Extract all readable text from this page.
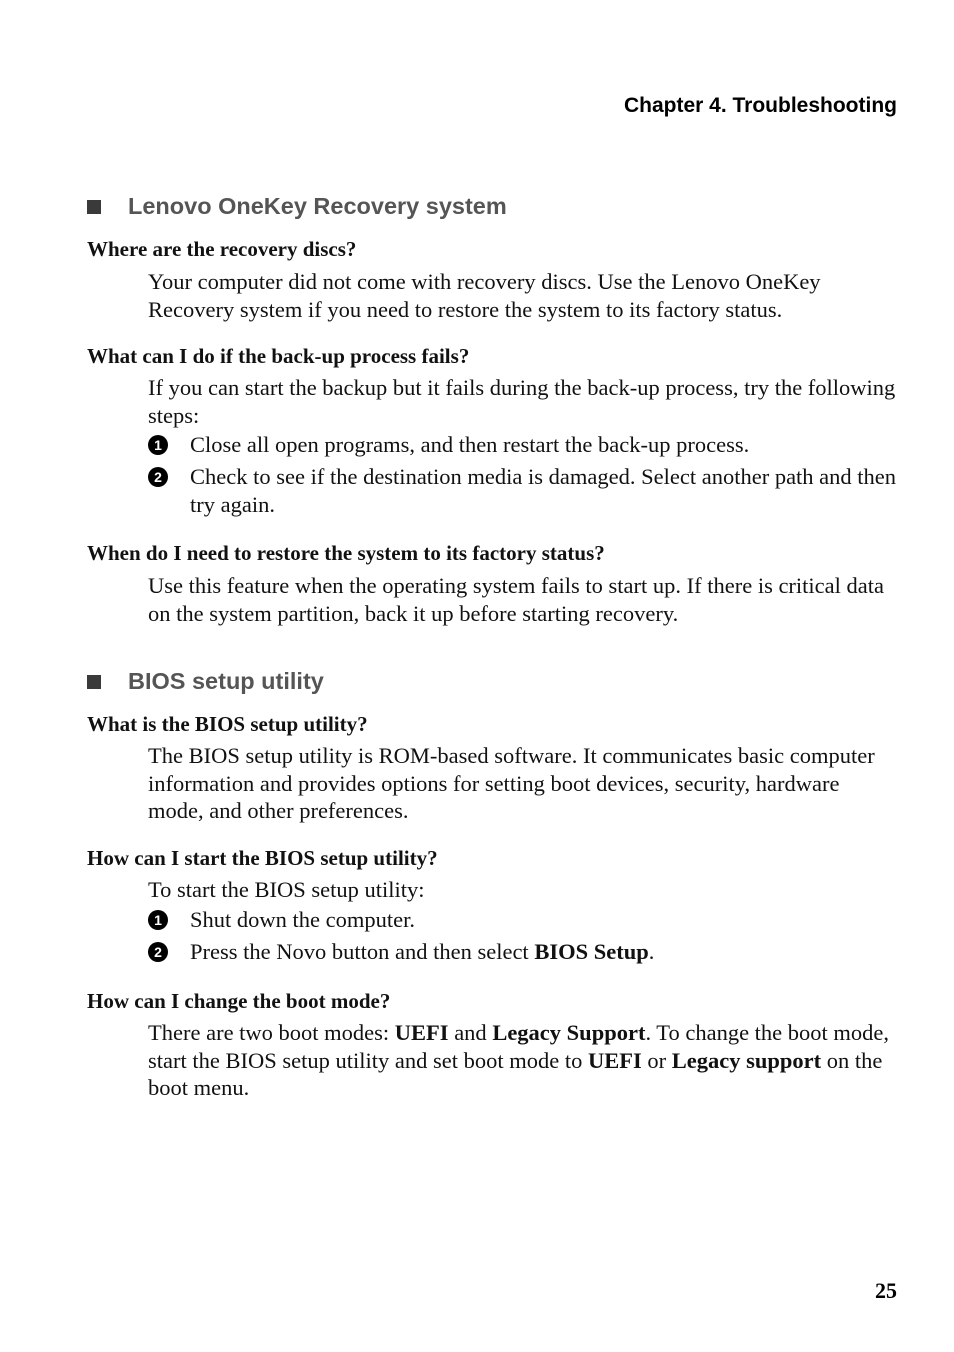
Chapter 4. Troubleshooting
Lenovo OneKey Recovery system
Where are the recovery discs?
Your computer did not come with recovery discs. Use the Lenovo OneKey Recovery system if you need to restore the system to its factory status.
What can I do if the back-up process fails?
If you can start the backup but it fails during the back-up process, try the following steps:
1 Close all open programs, and then restart the back-up process.
2 Check to see if the destination media is damaged. Select another path and then try again.
When do I need to restore the system to its factory status?
Use this feature when the operating system fails to start up. If there is critical data on the system partition, back it up before starting recovery.
BIOS setup utility
What is the BIOS setup utility?
The BIOS setup utility is ROM-based software. It communicates basic computer information and provides options for setting boot devices, security, hardware mode, and other preferences.
How can I start the BIOS setup utility?
To start the BIOS setup utility:
1 Shut down the computer.
2 Press the Novo button and then select BIOS Setup.
How can I change the boot mode?
There are two boot modes: UEFI and Legacy Support. To change the boot mode, start the BIOS setup utility and set boot mode to UEFI or Legacy support on the boot menu.
25
